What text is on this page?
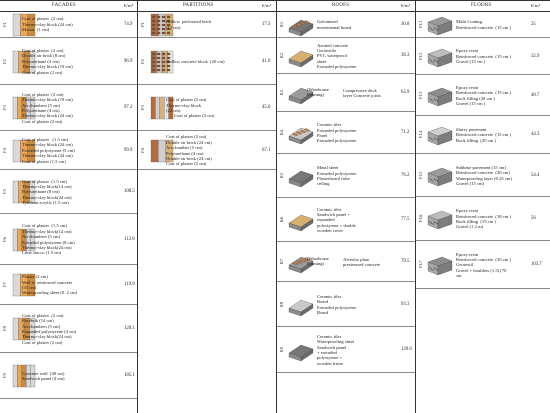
FACADES	€/m²
F1
Coat of plaster  (2 cm)
Thermo-clay block (24 cm)
Mortar  (1 cm)
74.9
F2
Coat of plaster  (2 cm)
Double air brick (8 cm)
Polyurethane (4 cm)
Thermo-clay block (19 cm)
Coat of plaster (2 cm)
96.9
F3
Coat of plaster  (2 cm)
Thermo-clay block (19 cm)
Air chambers (5 cm)
Polyurethane (4 cm)
Thermo-clay block (24 cm)
Coat of plaster (2 cm)
97.2
F4
Coat of plaster   (1.5 cm)
Thermo-clay block (24 cm)
Extruded polystyrene (5 cm)
Thermo-clay block (24 cm)
Coat of plaster (1.5 cm)
99.9
F5
Coat of plaster  (1.5 cm)
Thermo-clay block(14 cm)
Polyurethane (8 cm)
Thermo-clay block(24 cm)
Tyrolean acrylic (1.5 cm)
108.5
F6
Coat of plaster  (1.5 cm)
Thermo-clay block(14 cm)
Air chambers (5 cm)
Extruded polystyrene (8 cm)
Thermo-clay block(24 cm)
Lime stucco (1.5 cm)
112.8
F7
Plaster (2 cm)
Wall of reinforced concrete
(35 cm)
Waterproofing sheet (0. 2 cm)
119.9
F8
Coat of plaster  (2 cm)
Facebrik (14 cm)
Air chambers (5 cm)
Expanded polystyrene (4 cm)
Thermo-clay block(24 cm)
Coat of plaster (2 cm)
120.1
F9	Concrete wall  (40 cm)
Sandwich panel (4 cm)
185.1
PARTITIONS	€/m²
P1	Hollow  perforated brick
(12 cm)
17.3
P2	Hollow concrete block  (20 cm)	41.0
P3
Coat of plaster (2 cm)
Thermo-clay block
(24 cm)
Coat of plaster (2 cm)
45.0
P4
Coat of plaster (2 cm)
Double air brick (24 cm)
Air chamber (5 cm)
Polyurethane (4 cm)
Double air brick (24 cm)
Coat of plaster (2 cm)
67.1
ROOFS	€/m²
R1	Galvanised
movemental board
30.8
R2
Aerated concrete
Geotextile
PVC waterproof
sheet
Extruded polystyrene
38.3
R3
(Warehouse
Framing)
Compressive deck
layer Concrete joists
63.9
R4
Ceramic tiles
Extruded polystyrene
Panel
Extruded polystyrene
71.2
R5
Metal sheet
Extruded polystyrene
Plasterboard false
ceiling
76.2
R6
Ceramic tiles
Sandwich panel +
expanded
polystyrene + double
wooden cover
77.5
R7
(Warehouse
Framing)
Alveolar plate
prestressed concrete
79.5
R8
Ceramic tiles
Board
Extruded polystyrene
Board
93.3
R9
Ceramic tiles
Waterproofing sheet
Sandwich panel
+ extruded
polystyrene +
wooden frieze
129.6
FLOORS	€/m²
FL1	Multi Coating
Reinforced concrete  (15 cm )
25
FL2
Epoxy resin
Reinforced concrete  (15 cm )
Gravel (15 cm )
32.9
FL3
Epoxy resin
Reinforced concrete  (15 cm )
Rock filling (20 cm )
Gravel (15 cm )
40.7
FL4
Slurry pavement
Reinforced concrete  (15 cm )
Rock filling  (20 cm )
44.3
FL5
Subbase pavement (15 cm)
Reinforced concrete  (20 cm)
Waterproofing layer (0.25 cm)
Gravel (15 cm)
54.4
FL6
Epoxy resin
Reinforced concrete  (18 cm )
Rock filling  (15 cm )
Gravel (1.2 m)
56
FL7
Epoxy resin
Reinforced concrete  (20 cm )
Geotextil
Gravel + boulders (1.5) (70
cm
103.7
